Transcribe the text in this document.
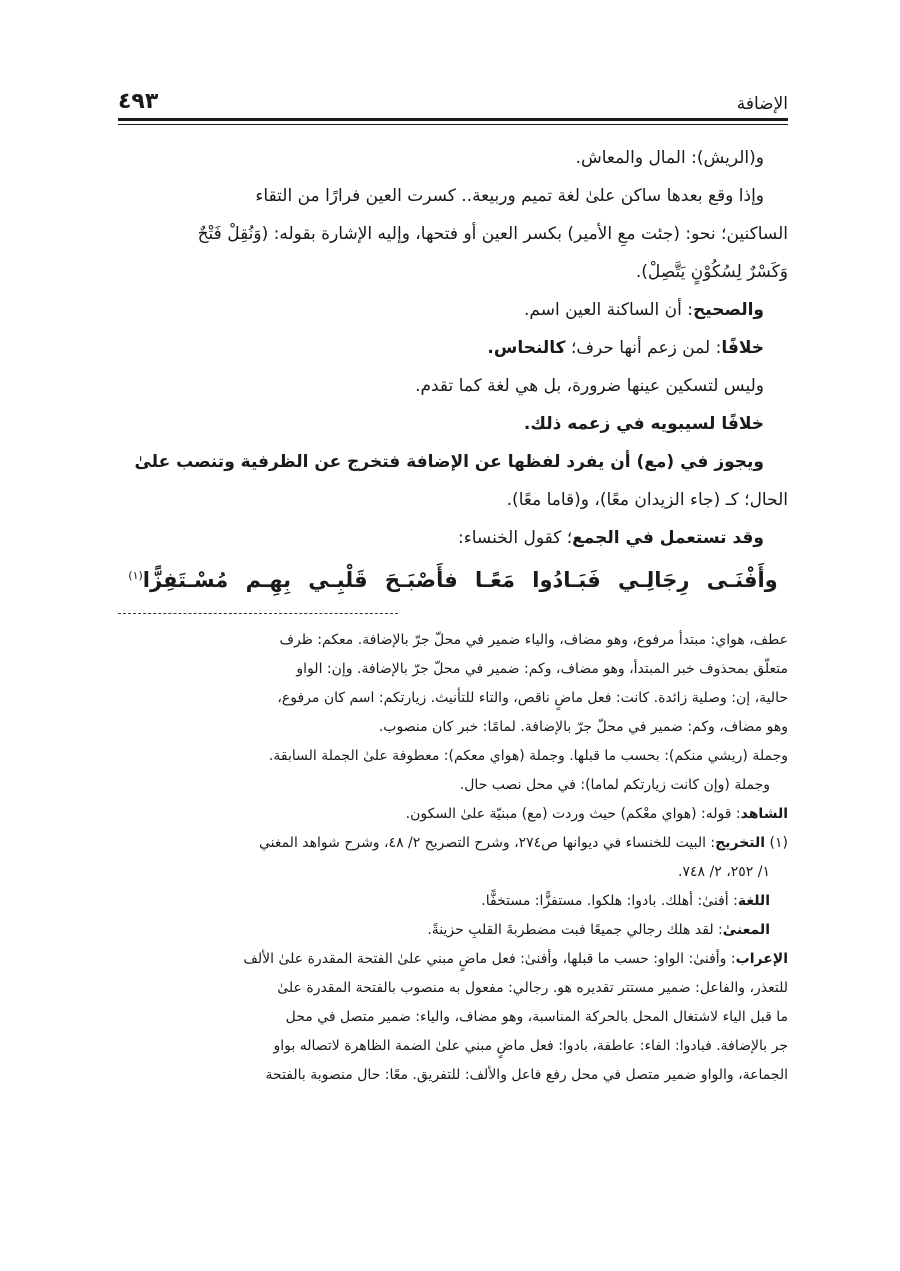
الإضافة
٤٩٣

و(الريش): المال والمعاش.

وإذا وقع بعدها ساكن علىٰ لغة تميم وربيعة.. كسرت العين فرارًا من التقاء

الساكنين؛ نحو: (جئت معِ الأمير) بكسر العين أو فتحها، وإليه الإشارة بقوله: (وَنُقِلْ فَتْحٌ

وَكَسْرٌ لِسُكُوْنٍ يَتَّصِلْ).

والصحيح: أن الساكنة العين اسم.

خلافًا: لمن زعم أنها حرف؛ كالنحاس.

وليس لتسكين عينها ضرورة، بل هي لغة كما تقدم.

خلافًا لسيبويه في زعمه ذلك.

ويجوز في (مع) أن يفرد لفظها عن الإضافة فتخرج عن الظرفية وتنصب علىٰ

الحال؛ كـ (جاء الزيدان معًا)، و(قاما معًا).

وقد تستعمل في الجمع؛ كقول الخنساء:

وأَفْنَـى رِجَالِـي فَبَـادُوا مَعًـا فأَصْبَـحَ قَلْبِـي بِهِـم مُسْـتَفِزًّا$^{(١)}$

عطف، هواي: مبتدأ مرفوع، وهو مضاف، والياء ضمير في محلّ جرّ بالإضافة. معكم: ظرف

متعلّق بمحذوف خبر المبتدأ، وهو مضاف، وكم: ضمير في محلّ جرّ بالإضافة. وإن: الواو

حالية، إن: وصلية زائدة. كانت: فعل ماضٍ ناقص، والتاء للتأنيث. زيارتكم: اسم كان مرفوع،

وهو مضاف، وكم: ضمير في محلّ جرّ بالإضافة. لمامًا: خبر كان منصوب.

وجملة (ريشي منكم): بحسب ما قبلها. وجملة (هواي معكم): معطوفة علىٰ الجملة السابقة.

وجملة (وإن كانت زيارتكم لماما): في محل نصب حال.

الشاهد: قوله: (هواي معْكم) حيث وردت (مع) مبنيّة علىٰ السكون.

(١) التخريج: البيت للخنساء في ديوانها ص٢٧٤، وشرح التصريح ٢/ ٤٨، وشرح شواهد المغني

١/ ٢٥٢، ٢/ ٧٤٨.

اللغة: أفنىٰ: أهلك. بادوا: هلكوا. مستفزًّا: مستخفًّا.

المعنىٰ: لقد هلك رجالي جميعًا فبت مضطربةَ القلبِ حزينةً.

الإعراب: وأفنىٰ: الواو: حسب ما قبلها، وأفنىٰ: فعل ماضٍ مبني علىٰ الفتحة المقدرة علىٰ الألف

للتعذر، والفاعل: ضمير مستتر تقديره هو. رجالي: مفعول به منصوب بالفتحة المقدرة علىٰ

ما قبل الياء لاشتغال المحل بالحركة المناسبة، وهو مضاف، والياء: ضمير متصل في محل

جر بالإضافة. فبادوا: الفاء: عاطفة، بادوا: فعل ماضٍ مبني علىٰ الضمة الظاهرة لاتصاله بواو

الجماعة، والواو ضمير متصل في محل رفع فاعل والألف: للتفريق. معًا: حال منصوبة بالفتحة
